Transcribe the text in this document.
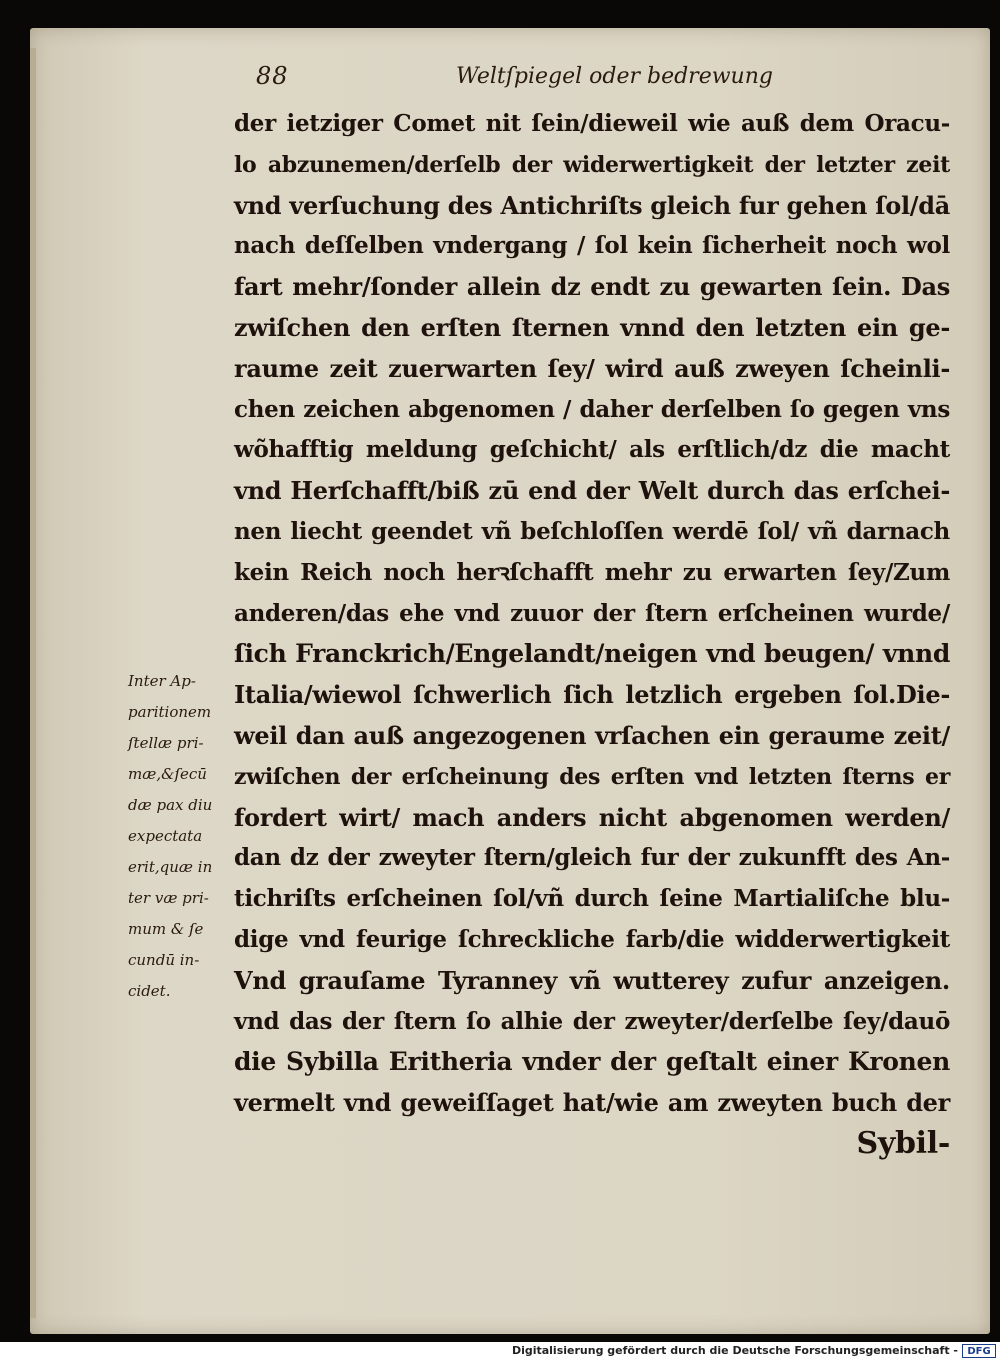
88	Weltſpiegel oder bedrewung
der ietziger Comet nit ſein/dieweil wie auß dem Oracu-
lo abzunemen/derſelb der widerwertigkeit der letzter zeit
vnd verſuchung des Antichriſts gleich fur gehen ſol/dā
nach deſſelben vndergang / ſol kein ſicherheit noch wol
fart mehr/ſonder allein dz endt zu gewarten ſein. Das
zwiſchen den erſten ſternen vnnd den letzten ein ge-
raume zeit zuerwarten ſey/ wird auß zweyen ſcheinli-
chen zeichen abgenomen / daher derſelben ſo gegen vns
wõhafftig meldung geſchicht/ als erſtlich/dz die macht
vnd Herſchafft/biß zū end der Welt durch das erſchei-
nen liecht geendet vñ beſchloſſen werdē ſol/ vñ darnach
kein Reich noch herꝛſchafft mehr zu erwarten ſey/Zum
anderen/das ehe vnd zuuor der ſtern erſcheinen wurde/
ſich Franckrich/Engelandt/neigen vnd beugen/ vnnd
Italia/wiewol ſchwerlich ſich letzlich ergeben ſol.Die-
weil dan auß angezogenen vrſachen ein geraume zeit/
zwiſchen der erſcheinung des erſten vnd letzten ſterns er
fordert wirt/ mach anders nicht abgenomen werden/
dan dz der zweyter ſtern/gleich fur der zukunfft des An-
tichriſts erſcheinen ſol/vñ durch ſeine Martialiſche blu-
dige vnd feurige ſchreckliche farb/die widderwertigkeit
Vnd grauſame Tyranney vñ wutterey zufur anzeigen.
vnd das der ſtern ſo alhie der zweyter/derſelbe ſey/dauō
die Sybilla Eritheria vnder der geſtalt einer Kronen
vermelt vnd geweiſſaget hat/wie am zweyten buch der
Sybil-
Inter Ap-
paritionem
ſtellæ pri-
mæ,&ſecū
dæ pax diu
expectata
erit,quæ in
ter væ pri-
mum & ſe
cundū in-
cidet.
Digitalisierung gefördert durch die Deutsche Forschungsgemeinschaft - DFG
